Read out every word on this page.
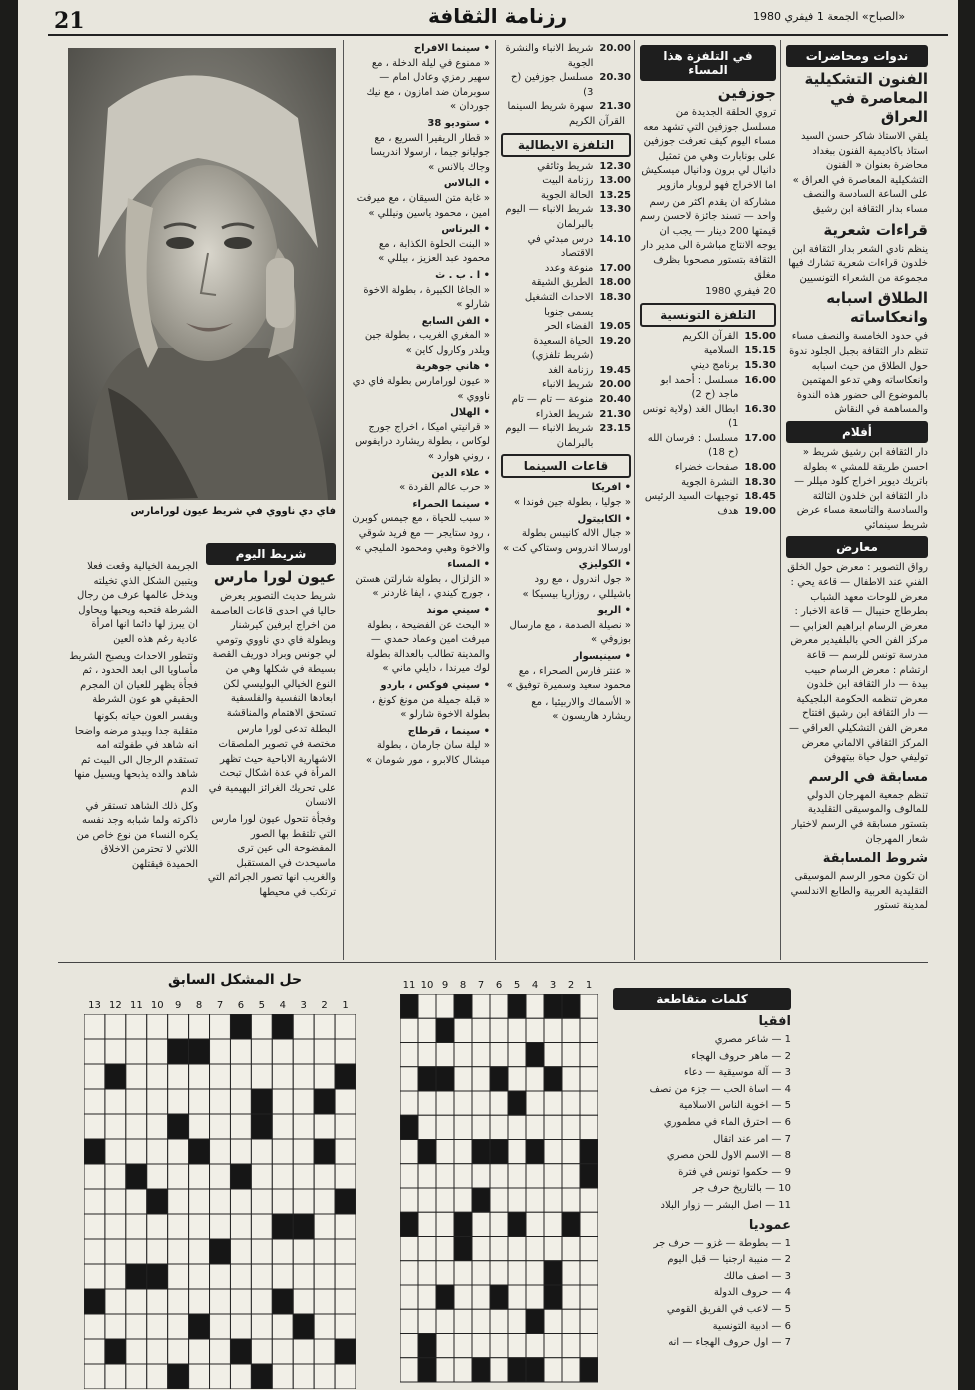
21	رزنامة الثقافة	«الصباح» الجمعة 1 فيفري 1980
ندوات ومحاضرات
الفنون التشكيلية المعاصرة في العراق

يلقي الاستاذ شاكر حسن السيد استاذ باكاديمية الفنون ببغداد محاضرة بعنوان « الفنون التشكيلية المعاصرة في العراق » على الساعة السادسة والنصف مساء بدار الثقافة ابن رشيق

قراءات شعرية

ينظم نادي الشعر بدار الثقافة ابن خلدون قراءات شعرية تشارك فيها مجموعة من الشعراء التونسيين

الطلاق اسبابه وانعكاساته

في حدود الخامسة والنصف مساء تنظم دار الثقافة بجبل الجلود ندوة حول الطلاق من حيث اسبابه وانعكاساته وهي تدعو المهتمين بالموضوع الى حضور هذه الندوة والمساهمة في النقاش

أفلام

دار الثقافة ابن رشيق شريط « احسن طريقة للمشي » بطولة باتريك ديوير اخراج كلود ميللر — دار الثقافة ابن خلدون الثالثة والسادسة والتاسعة مساء عرض شريط سينمائي

معارض

رواق التصوير : معرض حول الخلق الفني عند الاطفال — قاعة يحي : معرض للوحات معهد الشباب بطرطاج حنيبال — قاعة الاخبار : معرض الرسام ابراهيم العزابي — مركز الفن الحي بالبلفيدير معرض مدرسة تونس للرسم — قاعة ارتشام : معرض الرسام حبيب بيدة — دار الثقافة ابن خلدون معرض تنظمه الحكومة البلجيكية — دار الثقافة ابن رشيق افتتاح معرض الفن التشكيلي العراقي — المركز الثقافي الالماني معرض توليفي حول حياة بيتهوفن

مسابقة في الرسم

تنظم جمعية المهرجان الدولي للمالوف والموسيقى التقليدية بتستور مسابقة في الرسم لاختيار شعار المهرجان

شروط المسابقة

ان تكون محور الرسم الموسيقى التقليدية العربية والطابع الاندلسي لمدينة تستور

في التلفزة هذا المساء
جوزفين

تروي الحلقة الجديدة من مسلسل جوزفين التي تشهد معه مساء اليوم كيف تعرفت جوزفين على بونابارت وهي من تمثيل دانيال لي برون ودانيال ميسكيش اما الاخراج فهو لروبار مازوير

مشاركة ان يقدم اكثر من رسم واحد — تسند جائزة لاحسن رسم قيمتها 200 دينار — يجب ان يوجه الانتاج مباشرة الى مدير دار الثقافة بتستور مصحوبا بظرف مغلق

20 فيفري 1980

التلفزة التونسية
15.00
القرآن الكريم
15.15
السلامية
15.30
برنامج ديني
16.00
مسلسل : أحمد ابو ماجد (ح 2)
16.30
ابطال الغد (ولاية تونس 1)
17.00
مسلسل : فرسان الله (ح 18)
18.00
صفحات خضراء
18.30
النشرة الجوية
18.45
توجيهات السيد الرئيس
19.00
هدف
20.00
شريط الانباء والنشرة الجوية
20.30
مسلسل جوزفين (ح 3)
21.30
سهرة شريط السينما
القرآن الكريم
التلفزة الايطالية
12.30
شريط وثائقي
13.00
رزنامة البيت
13.25
الحالة الجوية
13.30
شريط الانباء — اليوم بالبرلمان
14.10
درس مبدئي في الاقتصاد
17.00
منوعة وعدد
18.00
الطريق الشيقة
18.30
الاحداث التشغيل يسمى جنوبا
19.05
الفضاء الحر
19.20
الحياة السعيدة (شريط تلفزي)
19.45
رزنامة الغد
20.00
شريط الانباء
20.40
منوعة — تام — تام
21.30
شريط العذراء
23.15
شريط الانباء — اليوم بالبرلمان
قاعات السينما

• افريكا
« جوليا ، بطولة جين فوندا »

• الكابيتول
« جبال الاله كانيبس بطولة اورسالا اندروس وستاكي كت »

• الكوليزي
« جول اندرول ، مع رود باشيللي ، روزاريا بيسيكا »

• الريو
« نصيلة الصدمة ، مع مارسال بوزوفي »

• سينيسوار
« عنتر فارس الصحراء ، مع محمود سعيد وسميرة توفيق »

« الأسماك والاربيئيا ، مع ريشارد هاريسون »

• سينما الافراح
« ممنوع في ليلة الدخلة ، مع سهير رمزي وعادل امام — سوبرمان ضد امازون ، مع نيك جوردان »

• ستوديو 38
« قطار الريفيرا السريع ، مع جوليانو جيما ، ارسولا اندريسا وجاك بالانس »

• البالاس
« غابة متن السيقان ، مع ميرفت امين ، محمود ياسين ونيللي »

• البرناس
« البنت الحلوة الكذابة ، مع محمود عبد العزيز ، بيللي »

• ا . ب . ث
« الجاغا الكبيرة ، بطولة الاخوة شارلو »

• الفن السابع
« المغري الغريب ، بطولة جين ويلدر وكارول كاين »

• هاني جوهرية
« عيون لورامارس بطولة فاي دي ناووي »

• الهلال
« قرانيتي اميكا ، اخراج جورج لوكاس ، بطولة ريشارد درايفوس ، روني هوارد »

• علاء الدين
« حرب عالم القردة »

• سينما الحمراء
« سبب للحياة ، مع جيمس كوبرن ، رود ستايجر — مع فريد شوقي والاخوة وهبي ومحمود المليجي »

• المساء
« الزلزال ، بطولة شارلتن هستن ، جورج كيندي ، ايفا غاردنر »

• سيني موند
« البحث عن الفضيحة ، بطولة ميرفت امين وعماد حمدي — والمدينة تطالب بالعدالة بطولة لوك ميرندا ، دايلي ماني »

• سيني فوكس ، باردو
« قبلة جميلة من مونغ كونغ ، بطولة الاخوة شارلو »

• سينما ، قرطاج
« ليلة سان جارمان ، بطولة ميشال كالابرو ، مور شومان »

فاي دي ناووي في شريط عيون لورامارس
شريط اليوم
عيون لورا مارس

شريط حديث التصوير يعرض حاليا في احدى قاعات العاصمة من اخراج ايرفين كيرشنار وبطولة فاي دي ناووي وتومي لي جونس وبراد دوريف القصة بسيطة في شكلها وهي من النوع الخيالي البوليسي لكن ابعادها النفسية والفلسفية تستحق الاهتمام والمناقشة

البطلة تدعى لورا مارس مختصة في تصوير الملصقات الاشهارية الاباحية حيث تظهر المرأة في عدة اشكال تبحث على تحريك الغرائز البهيمية في الانسان

وفجأة تتحول عيون لورا مارس التي تلتقط بها الصور المفضوحة الى عين ترى ماسيحدث في المستقبل والغريب انها تصور الجرائم التي ترتكب في محيطها

الجريمة الخيالية وقعت فعلا ويتبين الشكل الذي تخيلته ويدخل عالمها عرف من رجال الشرطة فتحبه ويحبها ويحاول ان يبرز لها دائما انها امرأة عادية رغم هذه العين

وتتطور الاحداث ويصبح الشريط مأساويا الى ابعد الحدود ، ثم فجأة يظهر للعيان ان المجرم الحقيقي هو عون الشرطة

ويفسر العون حياته بكونها متقلبة جدا وبيدو مرضه واضحا انه شاهد في طفولته امه تستقدم الرجال الى البيت ثم شاهد والده يذبحها ويسيل منها الدم

وكل ذلك الشاهد تستقر في ذاكرته ولما شبابه وجد نفسه يكره النساء من نوع خاص من اللاتي لا تحترمن الاخلاق الحميدة فيقتلهن

كلمات متقاطعة
افقيا

1 — شاعر مصري

2 — ماهر حروف الهجاء

3 — آلة موسيقية — دعاء

4 — اساة الحب — جزء من نصف

5 — اخوية الناس الاسلامية

6 — احترق الماء في مطموري

7 — امر عند اتقال

8 — الاسم الاول للحن مصري

9 — حكموا تونس في فترة

10 — بالتاريخ حرف جر

11 — اصل البشر — زوار البلاد

عموديا

1 — بطوطة — غزو — حرف جر

2 — منيبة ارجنيا — قبل اليوم

3 — اصف مالك

4 — حروف الدولة

5 — لاعب في الفريق القومي

6 — ادبية التونسية

7 — اول حروف الهجاء — انه

1
2
3
4
5
6
7
8
9
10
11
حل المشكل السابق
1
2
3
4
5
6
7
8
9
10
11
12
13
